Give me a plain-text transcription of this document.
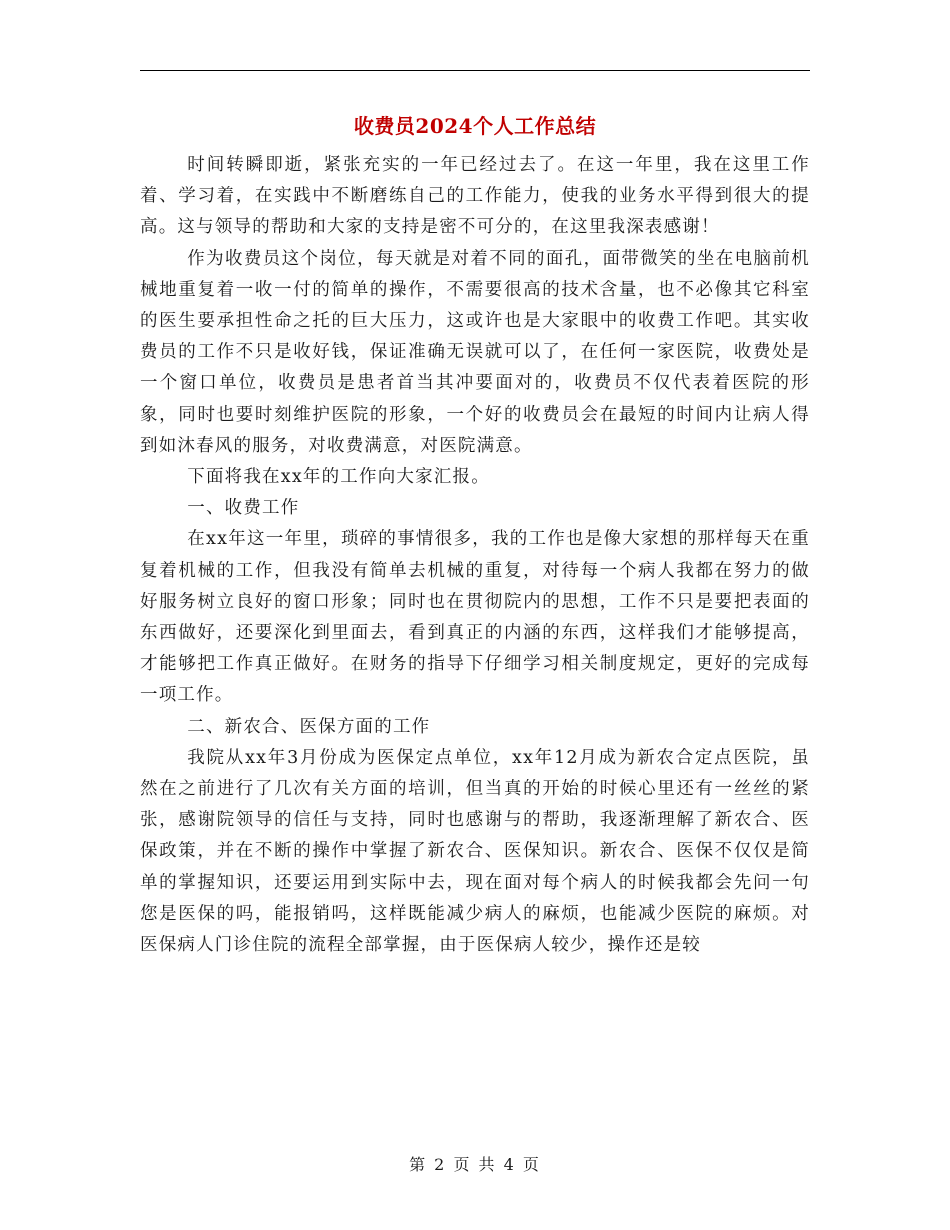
收费员2024个人工作总结

时间转瞬即逝，紧张充实的一年已经过去了。在这一年里，我在这里工作着、学习着，在实践中不断磨练自己的工作能力，使我的业务水平得到很大的提高。这与领导的帮助和大家的支持是密不可分的，在这里我深表感谢！

作为收费员这个岗位，每天就是对着不同的面孔，面带微笑的坐在电脑前机械地重复着一收一付的简单的操作，不需要很高的技术含量，也不必像其它科室的医生要承担性命之托的巨大压力，这或许也是大家眼中的收费工作吧。其实收费员的工作不只是收好钱，保证准确无误就可以了，在任何一家医院，收费处是一个窗口单位，收费员是患者首当其冲要面对的，收费员不仅代表着医院的形象，同时也要时刻维护医院的形象，一个好的收费员会在最短的时间内让病人得到如沐春风的服务，对收费满意，对医院满意。

下面将我在xx年的工作向大家汇报。

一、收费工作

在xx年这一年里，琐碎的事情很多，我的工作也是像大家想的那样每天在重复着机械的工作，但我没有简单去机械的重复，对待每一个病人我都在努力的做好服务树立良好的窗口形象；同时也在贯彻院内的思想，工作不只是要把表面的东西做好，还要深化到里面去，看到真正的内涵的东西，这样我们才能够提高，才能够把工作真正做好。在财务的指导下仔细学习相关制度规定，更好的完成每一项工作。

二、新农合、医保方面的工作

我院从xx年3月份成为医保定点单位，xx年12月成为新农合定点医院，虽然在之前进行了几次有关方面的培训，但当真的开始的时候心里还有一丝丝的紧张，感谢院领导的信任与支持，同时也感谢与的帮助，我逐渐理解了新农合、医保政策，并在不断的操作中掌握了新农合、医保知识。新农合、医保不仅仅是简单的掌握知识，还要运用到实际中去，现在面对每个病人的时候我都会先问一句您是医保的吗，能报销吗，这样既能减少病人的麻烦，也能减少医院的麻烦。对医保病人门诊住院的流程全部掌握，由于医保病人较少，操作还是较

第 2 页 共 4 页
